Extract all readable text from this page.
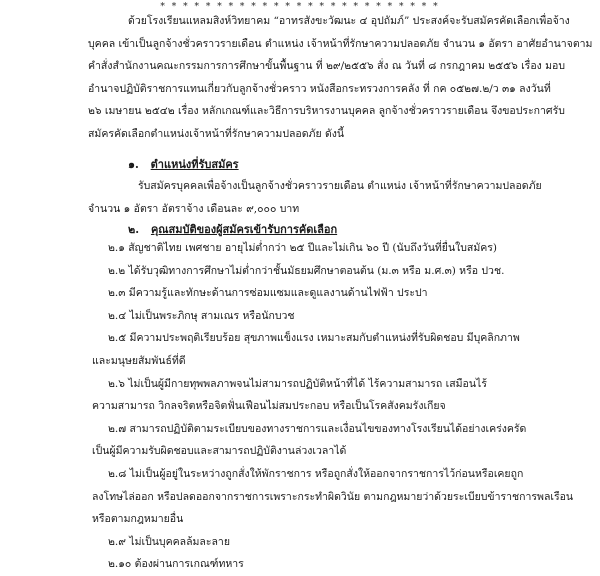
* * * * * * * * * * * * * * * * * * * * * * * * *

ด้วยโรงเรียนแหลมสิงห์วิทยาคม “อาทรสังขะวัฒนะ ๔ อุปถัมภ์” ประสงค์จะรับสมัครคัดเลือกเพื่อจ้าง

บุคคล เข้าเป็นลูกจ้างชั่วคราวรายเดือน ตำแหน่ง เจ้าหน้าที่รักษาความปลอดภัย จำนวน ๑ อัตรา อาศัยอำนาจตาม

คำสั่งสำนักงานคณะกรรมการการศึกษาขั้นพื้นฐาน ที่ ๒๙/๒๕๕๖ สั่ง ณ วันที่ ๘ กรกฎาคม ๒๕๕๖ เรื่อง มอบ

อำนาจปฏิบัติราชการแทนเกี่ยวกับลูกจ้างชั่วคราว หนังสือกระทรวงการคลัง ที่ กค ๐๕๒๗.๒/ว ๓๑ ลงวันที่

๒๖ เมษายน ๒๕๔๒ เรื่อง หลักเกณฑ์และวิธีการบริหารงานบุคคล ลูกจ้างชั่วคราวรายเดือน จึงขอประกาศรับ

สมัครคัดเลือกตำแหน่งเจ้าหน้าที่รักษาความปลอดภัย ดังนี้

๑. ตำแหน่งที่รับสมัคร

รับสมัครบุคคลเพื่อจ้างเป็นลูกจ้างชั่วคราวรายเดือน ตำแหน่ง เจ้าหน้าที่รักษาความปลอดภัย

จำนวน ๑ อัตรา อัตราจ้าง เดือนละ ๙,๐๐๐ บาท

๒. คุณสมบัติของผู้สมัครเข้ารับการคัดเลือก

๒.๑ สัญชาติไทย เพศชาย อายุไม่ต่ำกว่า ๒๕ ปีและไม่เกิน ๖๐ ปี (นับถึงวันที่ยื่นใบสมัคร)

๒.๒ ได้รับวุฒิทางการศึกษาไม่ต่ำกว่าชั้นมัธยมศึกษาตอนต้น (ม.๓ หรือ ม.ศ.๓) หรือ ปวช.

๒.๓ มีความรู้และทักษะด้านการซ่อมแซมและดูแลงานด้านไฟฟ้า ประปา

๒.๔ ไม่เป็นพระภิกษุ สามเณร หรือนักบวช

๒.๕ มีความประพฤติเรียบร้อย สุขภาพแข็งแรง เหมาะสมกับตำแหน่งที่รับผิดชอบ มีบุคลิกภาพ

และมนุษยสัมพันธ์ที่ดี

๒.๖ ไม่เป็นผู้มีกายทุพพลภาพจนไม่สามารถปฏิบัติหน้าที่ได้ ไร้ความสามารถ เสมือนไร้

ความสามารถ วิกลจริตหรือจิตฟั่นเฟือนไม่สมประกอบ หรือเป็นโรคสังคมรังเกียจ

๒.๗ สามารถปฏิบัติตามระเบียบของทางราชการและเงื่อนไขของทางโรงเรียนได้อย่างเคร่งครัด

เป็นผู้มีความรับผิดชอบและสามารถปฏิบัติงานล่วงเวลาได้

๒.๘ ไม่เป็นผู้อยู่ในระหว่างถูกสั่งให้พักราชการ หรือถูกสั่งให้ออกจากราชการไว้ก่อนหรือเคยถูก

ลงโทษไล่ออก หรือปลดออกจากราชการเพราะกระทำผิดวินัย ตามกฎหมายว่าด้วยระเบียบข้าราชการพลเรือน

หรือตามกฎหมายอื่น

๒.๙ ไม่เป็นบุคคลล้มละลาย

๒.๑๐ ต้องผ่านการเกณฑ์ทหาร
